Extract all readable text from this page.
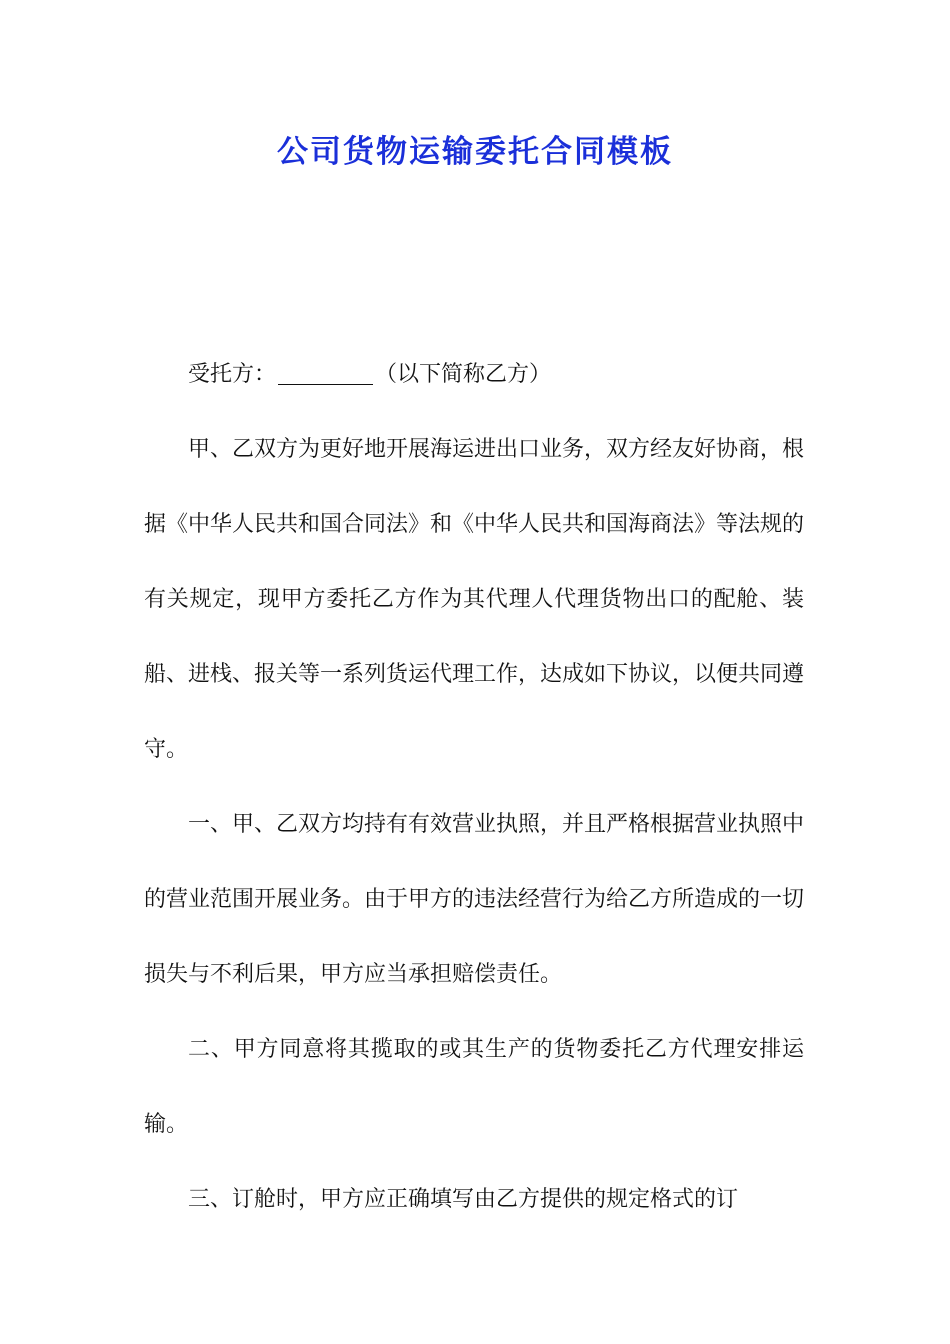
公司货物运输委托合同模板

受托方：	（以下简称乙方）

甲、乙双方为更好地开展海运进出口业务，双方经友好协商，根据《中华人民共和国合同法》和《中华人民共和国海商法》等法规的有关规定，现甲方委托乙方作为其代理人代理货物出口的配舱、装船、进栈、报关等一系列货运代理工作，达成如下协议，以便共同遵守。

一、甲、乙双方均持有有效营业执照，并且严格根据营业执照中的营业范围开展业务。由于甲方的违法经营行为给乙方所造成的一切损失与不利后果，甲方应当承担赔偿责任。

二、甲方同意将其揽取的或其生产的货物委托乙方代理安排运输。

三、订舱时，甲方应正确填写由乙方提供的规定格式的订
